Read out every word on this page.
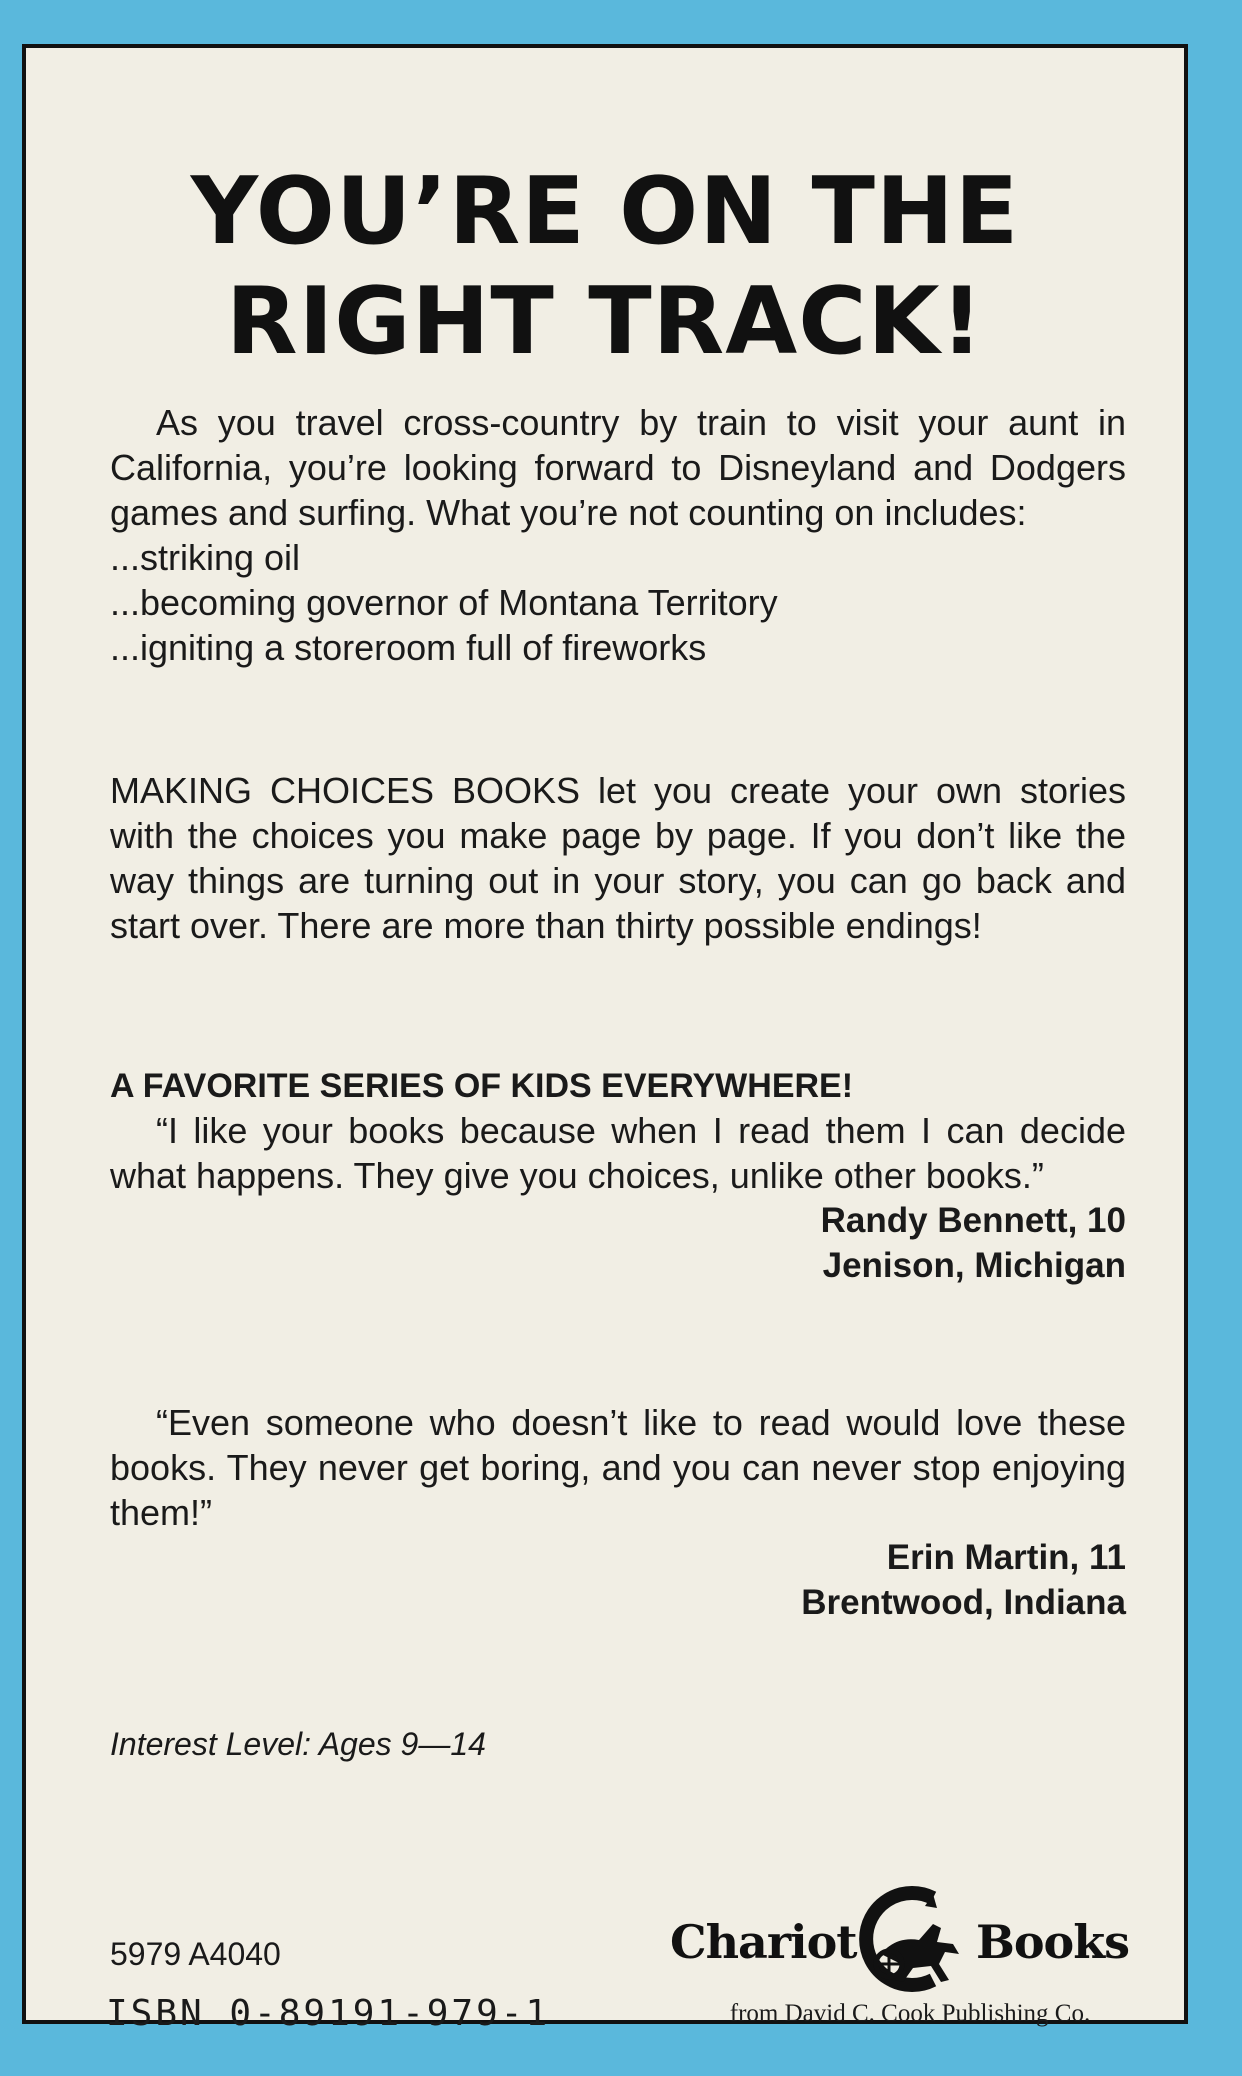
YOU’RE ON THE
RIGHT TRACK!

As you travel cross-country by train to visit your aunt in California, you’re looking forward to Disneyland and Dodgers games and surfing. What you’re not counting on includes:

...striking oil

...becoming governor of Montana Territory

...igniting a storeroom full of fireworks

MAKING CHOICES BOOKS let you create your own stories with the choices you make page by page. If you don’t like the way things are turning out in your story, you can go back and start over. There are more than thirty possible endings!

A FAVORITE SERIES OF KIDS EVERYWHERE!

“I like your books because when I read them I can decide what happens. They give you choices, unlike other books.”

Randy Bennett, 10

Jenison, Michigan

“Even someone who doesn’t like to read would love these books. They never get boring, and you can never stop enjoying them!”

Erin Martin, 11

Brentwood, Indiana

Interest Level: Ages 9—14
5979 A4040
ISBN 0-89191-979-1
Chariot	Books
from David C. Cook Publishing Co.
